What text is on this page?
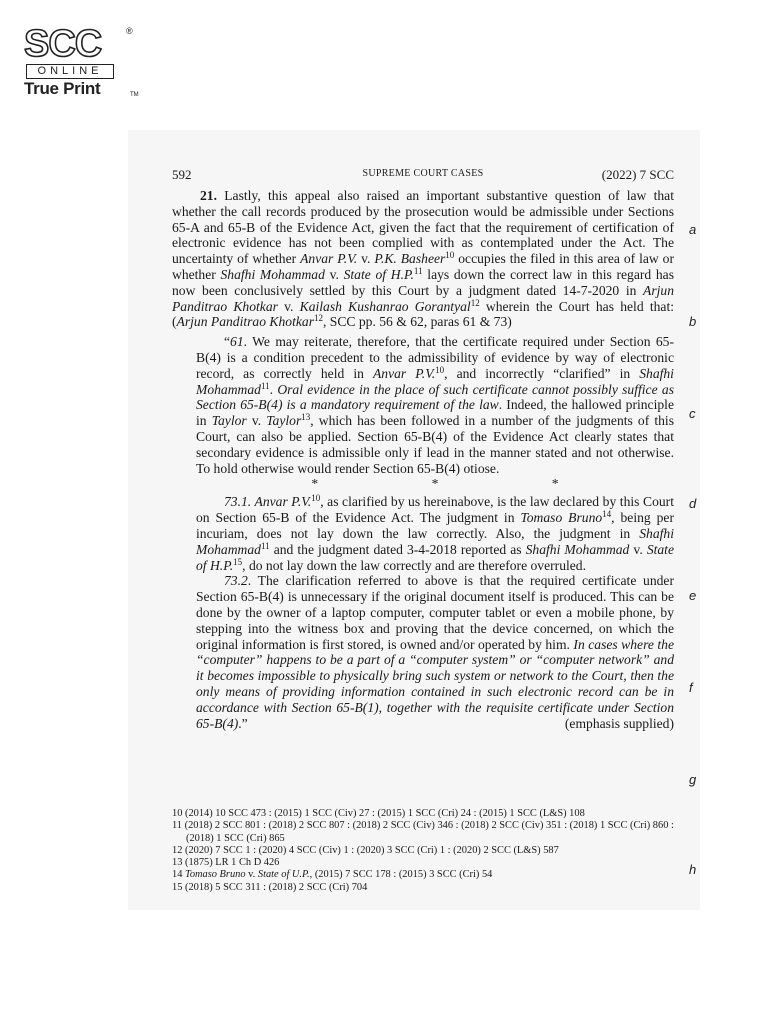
SCC	®
ONLINE
True Print	TM
592	SUPREME COURT CASES	(2022) 7 SCC

21. Lastly, this appeal also raised an important substantive question of law that whether the call records produced by the prosecution would be admissible under Sections 65-A and 65-B of the Evidence Act, given the fact that the requirement of certification of electronic evidence has not been complied with as contemplated under the Act. The uncertainty of whether Anvar P.V. v. P.K. Basheer$^{10}$ occupies the filed in this area of law or whether Shafhi Mohammad v. State of H.P.$^{11}$ lays down the correct law in this regard has now been conclusively settled by this Court by a judgment dated 14-7-2020 in Arjun Panditrao Khotkar v. Kailash Kushanrao Gorantyal$^{12}$ wherein the Court has held that: (Arjun Panditrao Khotkar$^{12}$, SCC pp. 56 & 62, paras 61 & 73)

“61. We may reiterate, therefore, that the certificate required under Section 65-B(4) is a condition precedent to the admissibility of evidence by way of electronic record, as correctly held in Anvar P.V.$^{10}$, and incorrectly “clarified” in Shafhi Mohammad$^{11}$. Oral evidence in the place of such certificate cannot possibly suffice as Section 65-B(4) is a mandatory requirement of the law. Indeed, the hallowed principle in Taylor v. Taylor$^{13}$, which has been followed in a number of the judgments of this Court, can also be applied. Section 65-B(4) of the Evidence Act clearly states that secondary evidence is admissible only if lead in the manner stated and not otherwise. To hold otherwise would render Section 65-B(4) otiose.

* * *

73.1. Anvar P.V.$^{10}$, as clarified by us hereinabove, is the law declared by this Court on Section 65-B of the Evidence Act. The judgment in Tomaso Bruno$^{14}$, being per incuriam, does not lay down the law correctly. Also, the judgment in Shafhi Mohammad$^{11}$ and the judgment dated 3-4-2018 reported as Shafhi Mohammad v. State of H.P.$^{15}$, do not lay down the law correctly and are therefore overruled.

73.2. The clarification referred to above is that the required certificate under Section 65-B(4) is unnecessary if the original document itself is produced. This can be done by the owner of a laptop computer, computer tablet or even a mobile phone, by stepping into the witness box and proving that the device concerned, on which the original information is first stored, is owned and/or operated by him. In cases where the “computer” happens to be a part of a “computer system” or “computer network” and it becomes impossible to physically bring such system or network to the Court, then the only means of providing information contained in such electronic record can be in accordance with Section 65-B(1), together with the requisite certificate under Section 65-B(4).”	(emphasis supplied)

a
b
c
d
e
f
g
h
10 (2014) 10 SCC 473 : (2015) 1 SCC (Civ) 27 : (2015) 1 SCC (Cri) 24 : (2015) 1 SCC (L&S) 108
11 (2018) 2 SCC 801 : (2018) 2 SCC 807 : (2018) 2 SCC (Civ) 346 : (2018) 2 SCC (Civ) 351 : (2018) 1 SCC (Cri) 860 : (2018) 1 SCC (Cri) 865
12 (2020) 7 SCC 1 : (2020) 4 SCC (Civ) 1 : (2020) 3 SCC (Cri) 1 : (2020) 2 SCC (L&S) 587
13 (1875) LR 1 Ch D 426
14 Tomaso Bruno v. State of U.P., (2015) 7 SCC 178 : (2015) 3 SCC (Cri) 54
15 (2018) 5 SCC 311 : (2018) 2 SCC (Cri) 704
